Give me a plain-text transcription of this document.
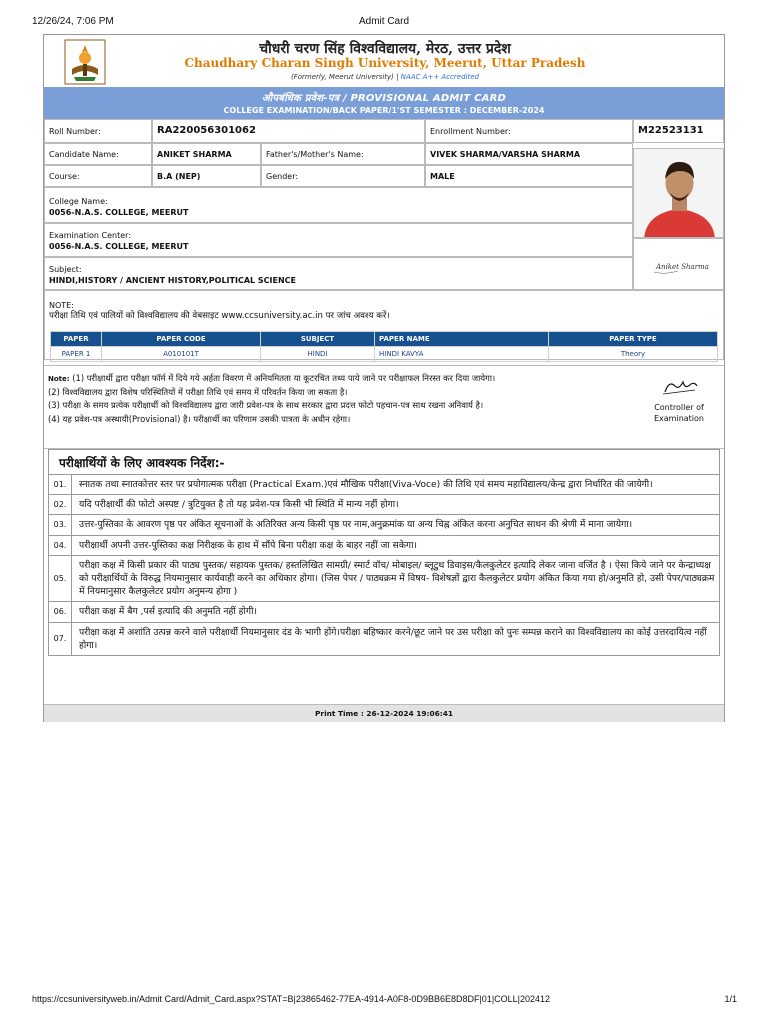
12/26/24, 7:06 PM	Admit Card
चौधरी चरण सिंह विश्वविद्यालय, मेरठ, उत्तर प्रदेश
Chaudhary Charan Singh University, Meerut, Uttar Pradesh
(Formerly, Meerut University) | NAAC A++ Accredited
औपबंधिक प्रवेश-पत्र / PROVISIONAL ADMIT CARD
COLLEGE EXAMINATION/BACK PAPER/1'ST SEMESTER : DECEMBER-2024
Roll Number:	RA220056301062	Enrollment Number:	M22523131
Candidate Name:	ANIKET SHARMA	Father's/Mother's Name:	VIVEK SHARMA/VARSHA SHARMA
Course:	B.A (NEP)	Gender:	MALE
College Name:
0056-N.A.S. COLLEGE, MEERUT
Examination Center:
0056-N.A.S. COLLEGE, MEERUT
Subject:
HINDI,HISTORY / ANCIENT HISTORY,POLITICAL SCIENCE
NOTE:
परीक्षा तिथि एवं पालियों को विश्वविद्यालय की वेबसाइट www.ccsuniversity.ac.in पर जांच अवश्य करें।
Aniket Sharma
PAPER	PAPER CODE	SUBJECT	PAPER NAME	PAPER TYPE
PAPER 1	A010101T	HINDI	HINDI KAVYA	Theory
Note: (1) परीक्षार्थी द्वारा परीक्षा फॉर्म में दिये गये अर्हता विवरण में अनियमितता या कूटरचित तथ्य पाये जाने पर परीक्षाफल निरस्त कर दिया जायेगा।
(2) विश्वविद्यालय द्वारा विशेष परिस्थितियों में परीक्षा तिथि एवं समय में परिवर्तन किया जा सकता है।
(3) परीक्षा के समय प्रत्येक परीक्षार्थी को विश्वविद्यालय द्वारा जारी प्रवेश-पत्र के साथ सरकार द्वारा प्रदत्त फोटो पहचान-पत्र साथ रखना अनिवार्य है।
(4) यह प्रवेश-पत्र अस्थायी(Provisional) है। परीक्षार्थी का परिणाम उसकी पात्रता के अधीन रहेगा।
Controller of
Examination
परीक्षार्थियों के लिए आवश्यक निर्देश:-
01.	स्नातक तथा स्नातकोत्तर स्तर पर प्रयोगात्मक परीक्षा (Practical Exam.)एवं मौखिक परीक्षा(Viva-Voce) की तिथि एवं समय महाविद्यालय/केन्द्र द्वारा निर्धारित की जायेगी।
02.	यदि परीक्षार्थी की फोटो अस्पष्ट / त्रुटियुक्त है तो यह प्रवेश-पत्र किसी भी स्थिति में मान्य नहीं होगा।
03.	उत्तर-पुस्तिका के आवरण पृष्ठ पर अंकित सूचनाओं के अतिरिक्त अन्य किसी पृष्ठ पर नाम,अनुक्रमांक या अन्य चिह्न अंकित करना अनुचित साधन की श्रेणी में माना जायेगा।
04.	परीक्षार्थी अपनी उत्तर-पुस्तिका कक्ष निरीक्षक के हाथ में सौंपे बिना परीक्षा कक्ष के बाहर नहीं जा सकेगा।
05.
परीक्षा कक्ष में किसी प्रकार की पाठ्य पुस्तक/ सहायक पुस्तक/ हस्तलिखित सामग्री/ स्मार्ट वॉच/ मोबाइल/ ब्लूटुथ डिवाइस/कैलकुलेटर इत्यादि लेकर जाना वर्जित है । ऐसा किये जाने पर केन्द्राध्यक्ष को परीक्षार्थियों के विरुद्ध नियमानुसार कार्यवाही करने का अधिकार होगा। (जिस पेपर / पाठ्यक्रम में विषय- विशेषज्ञों द्वारा कैलकुलेटर प्रयोग अंकित किया गया हो/अनुमति हो, उसी पेपर/पाठ्यक्रम में नियमानुसार कैलकुलेटर प्रयोग अनुमन्य होगा )
06.	परीक्षा कक्ष में बैग ,पर्स इत्यादि की अनुमति नहीं होगी।
07.
परीक्षा कक्ष में अशांति उत्पन्न करने वाले परीक्षार्थी नियमानुसार दंड के भागी होंगे।परीक्षा बहिष्कार करने/छूट जाने पर उस परीक्षा को पुनः सम्पन्न कराने का विश्वविद्यालय का कोई उत्तरदायित्व नहीं होगा।
Print Time : 26-12-2024 19:06:41
https://ccsuniversityweb.in/Admit Card/Admit_Card.aspx?STAT=B|23865462-77EA-4914-A0F8-0D9BB6E8D8DF|01|COLL|202412	1/1
